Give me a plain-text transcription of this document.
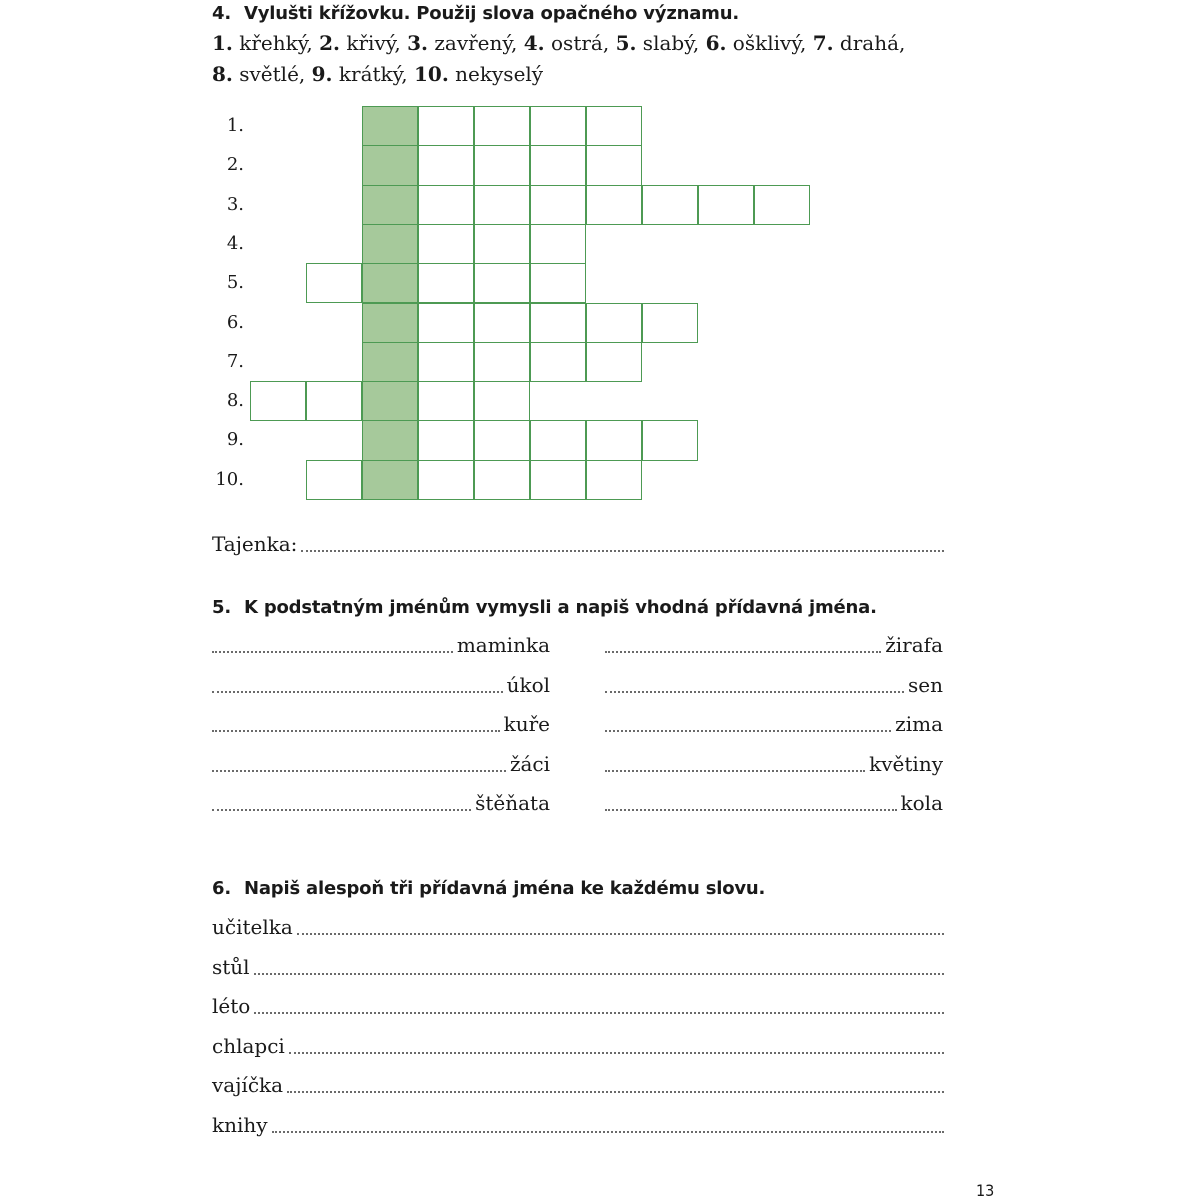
4. Vylušti křížovku. Použij slova opačného významu.
1. křehký, 2. křivý, 3. zavřený, 4. ostrá, 5. slabý, 6. ošklivý, 7. drahá,
8. světlé, 9. krátký, 10. nekyselý
1.
2.
3.
4.
5.
6.
7.
8.
9.
10.
Tajenka:
5. K podstatným jménům vymysli a napiš vhodná přídavná jména.
maminka	žirafa
úkol	sen
kuře	zima
žáci	květiny
štěňata	kola
6. Napiš alespoň tři přídavná jména ke každému slovu.
učitelka
stůl
léto
chlapci
vajíčka
knihy
13
